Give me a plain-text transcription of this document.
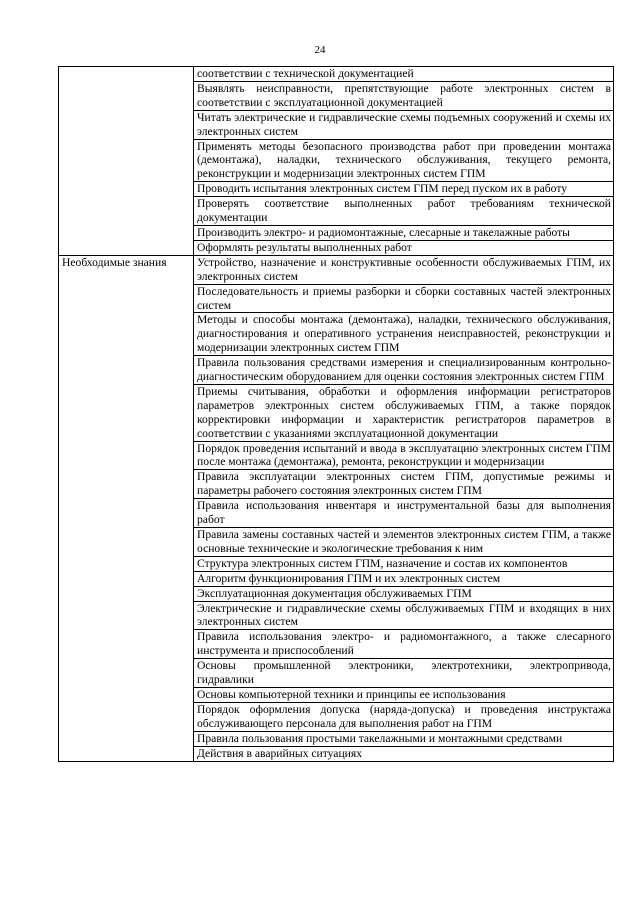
24
	соответствии с технической документацией
	Выявлять неисправности, препятствующие работе электронных систем в соответствии с эксплуатационной документацией
	Читать электрические и гидравлические схемы подъемных сооружений и схемы их электронных систем
	Применять методы безопасного производства работ при проведении монтажа (демонтажа), наладки, технического обслуживания, текущего ремонта, реконструкции и модернизации электронных систем ГПМ
	Проводить испытания электронных систем ГПМ перед пуском их в работу
	Проверять соответствие выполненных работ требованиям технической документации
	Производить электро- и радиомонтажные, слесарные и такелажные работы
	Оформлять результаты выполненных работ
Необходимые знания	Устройство, назначение и конструктивные особенности обслуживаемых ГПМ, их электронных систем
	Последовательность и приемы разборки и сборки составных частей электронных систем
	Методы и способы монтажа (демонтажа), наладки, технического обслуживания, диагностирования и оперативного устранения неисправностей, реконструкции и модернизации электронных систем ГПМ
	Правила пользования средствами измерения и специализированным контрольно-диагностическим оборудованием для оценки состояния электронных систем ГПМ
	Приемы считывания, обработки и оформления информации регистраторов параметров электронных систем обслуживаемых ГПМ, а также порядок корректировки информации и характеристик регистраторов параметров в соответствии с указаниями эксплуатационной документации
	Порядок проведения испытаний и ввода в эксплуатацию электронных систем ГПМ после монтажа (демонтажа), ремонта, реконструкции и модернизации
	Правила эксплуатации электронных систем ГПМ, допустимые режимы и параметры рабочего состояния электронных систем ГПМ
	Правила использования инвентаря и инструментальной базы для выполнения работ
	Правила замены составных частей и элементов электронных систем ГПМ, а также основные технические и экологические требования к ним
	Структура электронных систем ГПМ, назначение и состав их компонентов
	Алгоритм функционирования ГПМ и их электронных систем
	Эксплуатационная документация обслуживаемых ГПМ
	Электрические и гидравлические схемы обслуживаемых ГПМ и входящих в них электронных систем
	Правила использования электро- и радиомонтажного, а также слесарного инструмента и приспособлений
	Основы промышленной электроники, электротехники, электропривода, гидравлики
	Основы компьютерной техники и принципы ее использования
	Порядок оформления допуска (наряда-допуска) и проведения инструктажа обслуживающего персонала для выполнения работ на ГПМ
	Правила пользования простыми такелажными и монтажными средствами
	Действия в аварийных ситуациях
